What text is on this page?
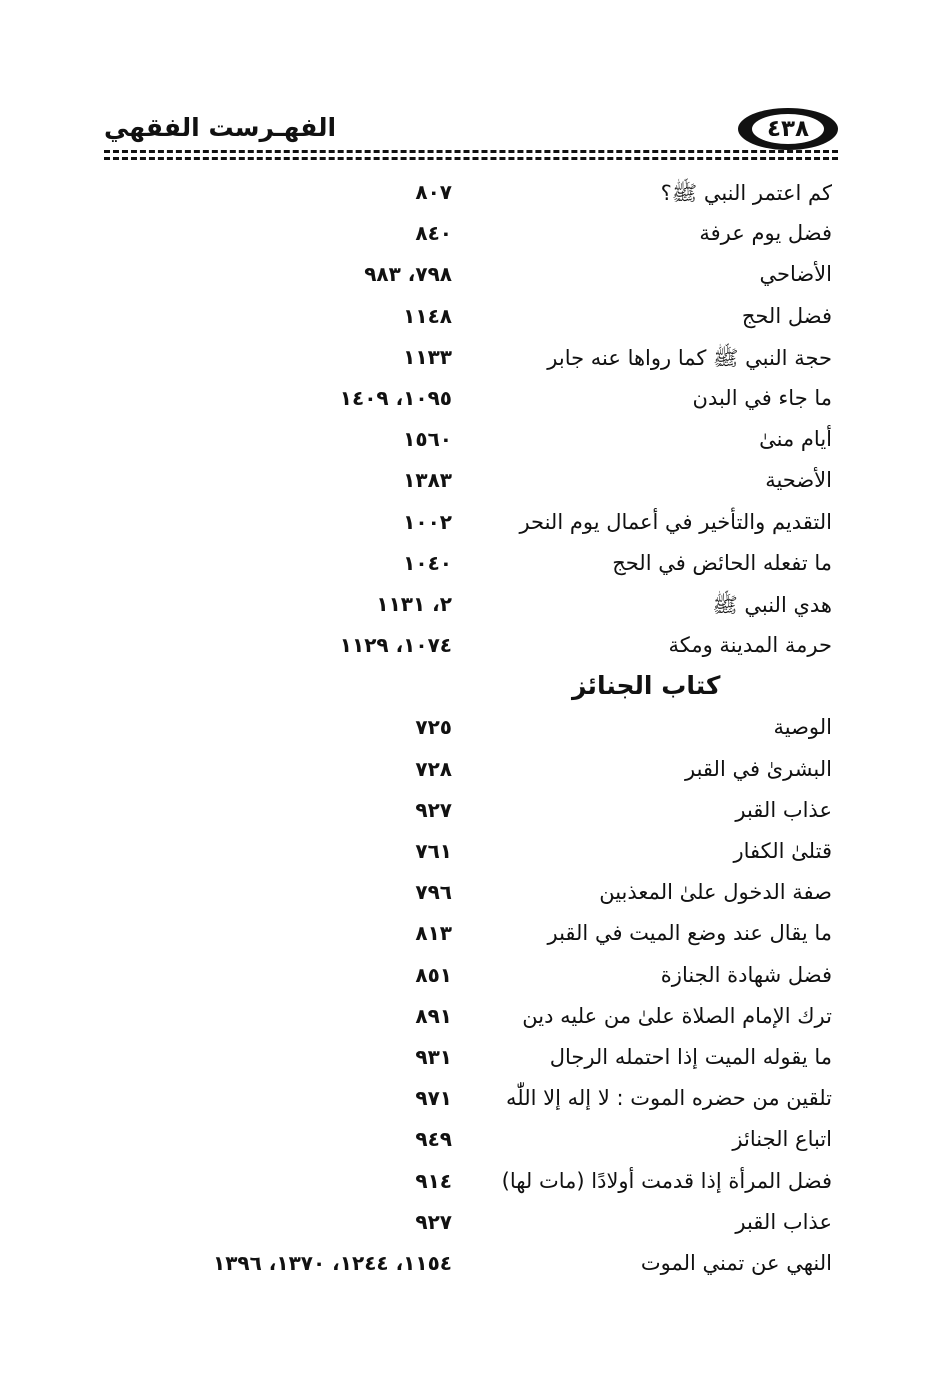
الفهـرست الفقهي	٤٣٨
كم اعتمر النبي ﷺ؟
٨٠٧
فضل يوم عرفة
٨٤٠
الأضاحي
٧٩٨، ٩٨٣
فضل الحج
١١٤٨
حجة النبي ﷺ كما رواها عنه جابر
١١٣٣
ما جاء في البدن
١٠٩٥، ١٤٠٩
أيام منىٰ
١٥٦٠
الأضحية
١٣٨٣
التقديم والتأخير في أعمال يوم النحر
١٠٠٢
ما تفعله الحائض في الحج
١٠٤٠
هدي النبي ﷺ
٢، ١١٣١
حرمة المدينة ومكة
١٠٧٤، ١١٢٩
كتاب الجنائز
الوصية
٧٢٥
البشرىٰ في القبر
٧٢٨
عذاب القبر
٩٢٧
قتلىٰ الكفار
٧٦١
صفة الدخول علىٰ المعذبين
٧٩٦
ما يقال عند وضع الميت في القبر
٨١٣
فضل شهادة الجنازة
٨٥١
ترك الإمام الصلاة علىٰ من عليه دين
٨٩١
ما يقوله الميت إذا احتمله الرجال
٩٣١
تلقين من حضره الموت : لا إله إلا اللّٰه
٩٧١
اتباع الجنائز
٩٤٩
فضل المرأة إذا قدمت أولادًا (مات لها)
٩١٤
عذاب القبر
٩٢٧
النهي عن تمني الموت
١١٥٤، ١٢٤٤، ١٣٧٠، ١٣٩٦
